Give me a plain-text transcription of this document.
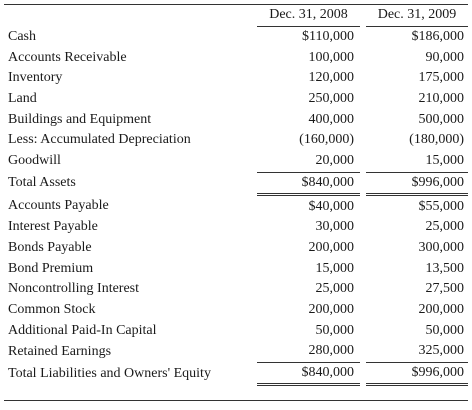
	Dec. 31, 2008		Dec. 31, 2009
Cash	$110,000		$186,000
Accounts Receivable	100,000		90,000
Inventory	120,000		175,000
Land	250,000		210,000
Buildings and Equipment	400,000		500,000
Less: Accumulated Depreciation	(160,000)		(180,000)
Goodwill	20,000		15,000
Total Assets	$840,000		$996,000
Accounts Payable	$40,000		$55,000
Interest Payable	30,000		25,000
Bonds Payable	200,000		300,000
Bond Premium	15,000		13,500
Noncontrolling Interest	25,000		27,500
Common Stock	200,000		200,000
Additional Paid-In Capital	50,000		50,000
Retained Earnings	280,000		325,000
Total Liabilities and Owners' Equity	$840,000		$996,000
